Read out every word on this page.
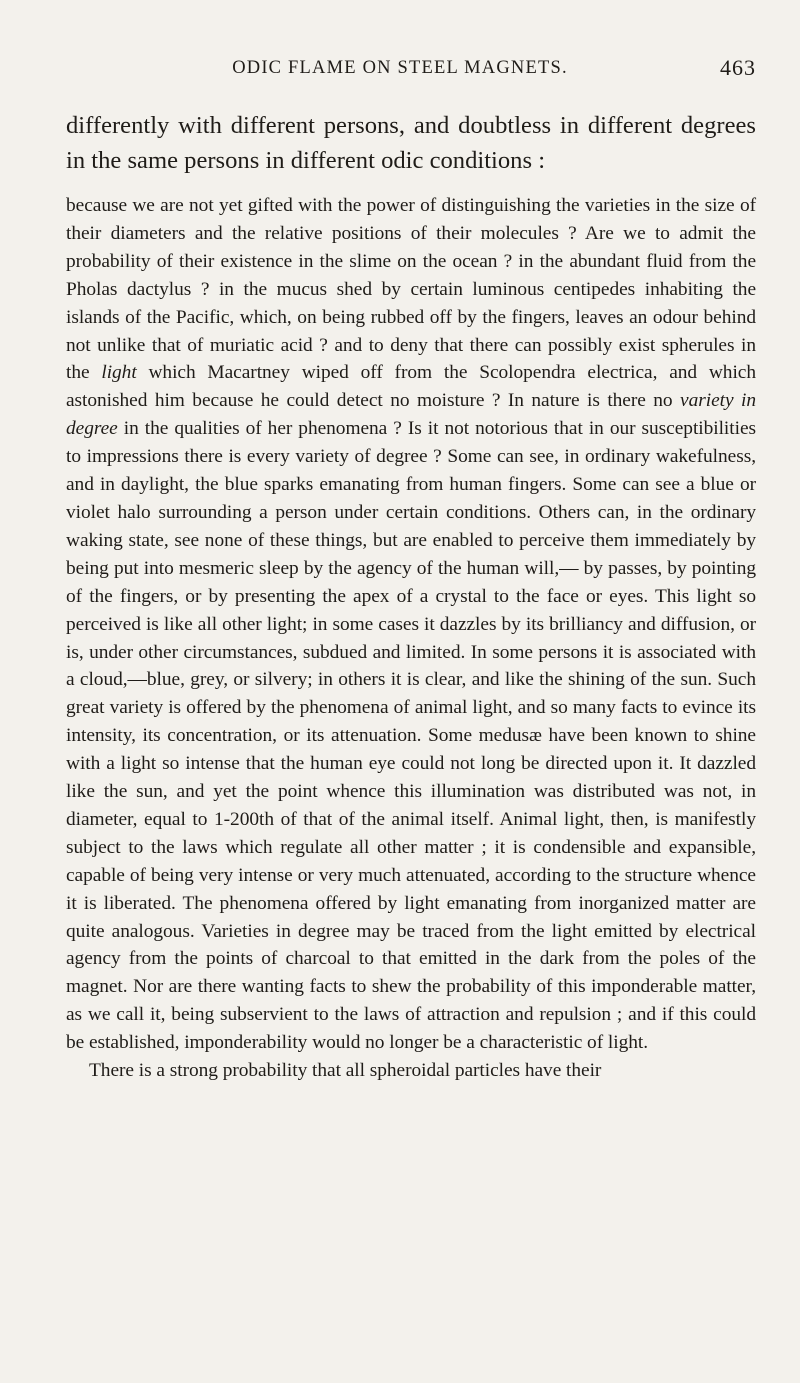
ODIC FLAME ON STEEL MAGNETS.	463
differently with different persons, and doubtless in different degrees in the same persons in different odic conditions :

because we are not yet gifted with the power of distinguishing the varieties in the size of their diameters and the relative positions of their molecules ? Are we to admit the probability of their existence in the slime on the ocean ? in the abundant fluid from the Pholas dactylus ? in the mucus shed by certain luminous centipedes inhabiting the islands of the Pacific, which, on being rubbed off by the fingers, leaves an odour behind not unlike that of muriatic acid ? and to deny that there can possibly exist spherules in the light which Macartney wiped off from the Scolopendra electrica, and which astonished him because he could detect no moisture ? In nature is there no variety in degree in the qualities of her phenomena ? Is it not notorious that in our susceptibilities to impressions there is every variety of degree ? Some can see, in ordinary wakefulness, and in daylight, the blue sparks emanating from human fingers. Some can see a blue or violet halo surrounding a person under certain conditions. Others can, in the ordinary waking state, see none of these things, but are enabled to perceive them immediately by being put into mesmeric sleep by the agency of the human will,— by passes, by pointing of the fingers, or by presenting the apex of a crystal to the face or eyes. This light so perceived is like all other light; in some cases it dazzles by its brilliancy and diffusion, or is, under other circumstances, subdued and limited. In some persons it is associated with a cloud,—blue, grey, or silvery; in others it is clear, and like the shining of the sun. Such great variety is offered by the phenomena of animal light, and so many facts to evince its intensity, its concentration, or its attenuation. Some medusæ have been known to shine with a light so intense that the human eye could not long be directed upon it. It dazzled like the sun, and yet the point whence this illumination was distributed was not, in diameter, equal to 1-200th of that of the animal itself. Animal light, then, is manifestly subject to the laws which regulate all other matter ; it is condensible and expansible, capable of being very intense or very much attenuated, according to the structure whence it is liberated. The phenomena offered by light emanating from inorganized matter are quite analogous. Varieties in degree may be traced from the light emitted by electrical agency from the points of charcoal to that emitted in the dark from the poles of the magnet. Nor are there wanting facts to shew the probability of this imponderable matter, as we call it, being subservient to the laws of attraction and repulsion ; and if this could be established, imponderability would no longer be a characteristic of light.

There is a strong probability that all spheroidal particles have their
